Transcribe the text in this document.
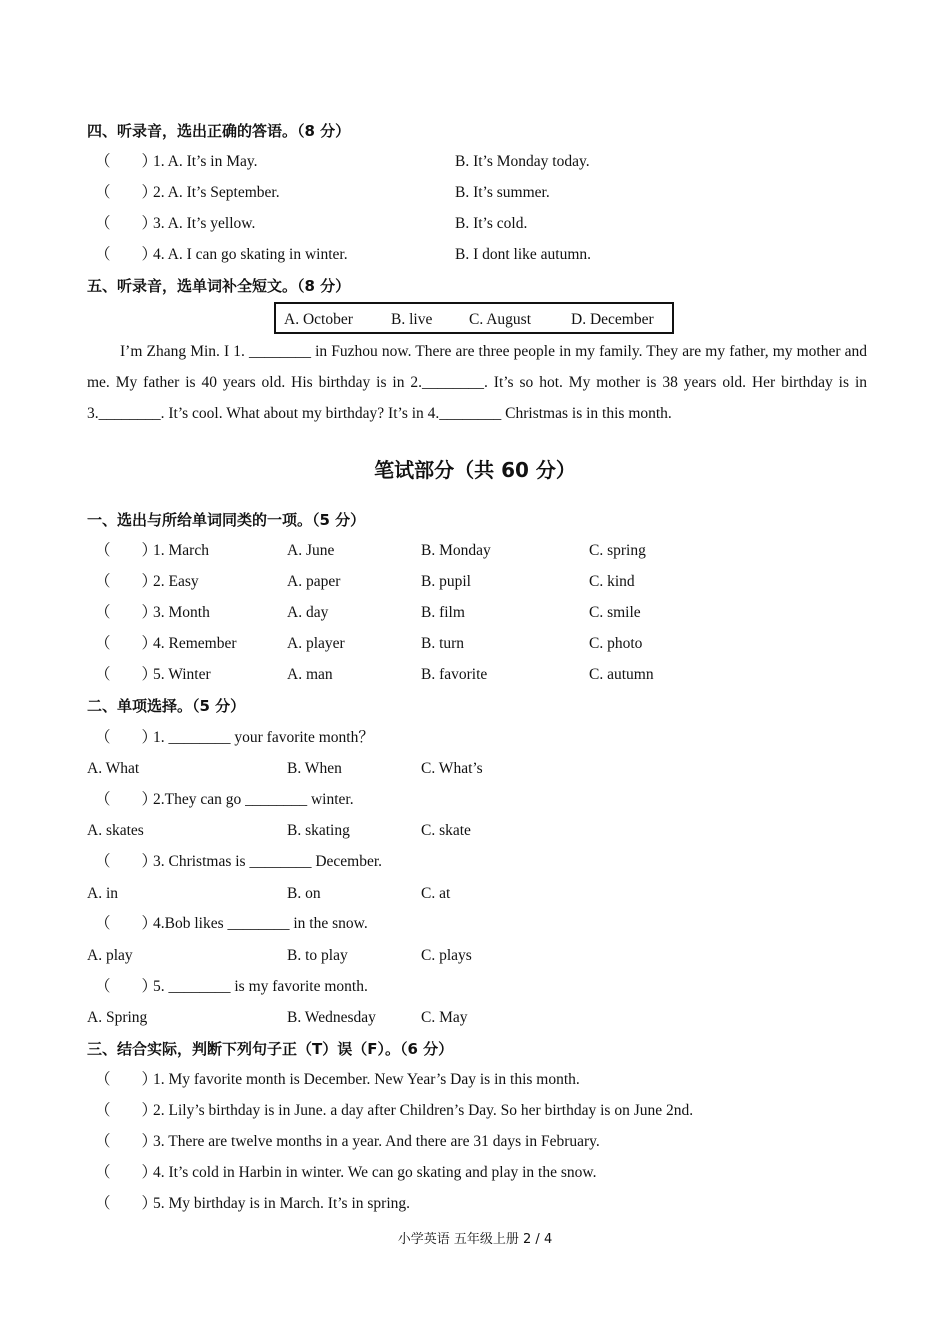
四、听录音，选出正确的答语。（8 分）
（　　）
1. A. It’s in May.	B. It’s Monday today.
（　　）
2. A. It’s September.	B. It’s summer.
（　　）
3. A. It’s yellow.	B. It’s cold.
（　　）
4. A. I can go skating in winter.	B. I dont like autumn.
五、听录音，选单词补全短文。（8 分）
A. October B. live C. August	D. December
I’m Zhang Min. I 1. ________ in Fuzhou now. There are three people in my family. They are my father, my mother and me. My father is 40 years old. His birthday is in 2.________. It’s so hot. My mother is 38 years old. Her birthday is in 3.________. It’s cool. What about my birthday? It’s in 4.________ Christmas is in this month.
笔试部分（共 60 分）
一、选出与所给单词同类的一项。（5 分）
（　　）
1. March	A. June	B. Monday	C. spring
（　　）
2. Easy	A. paper	B. pupil	C. kind
（　　）
3. Month	A. day	B. film	C. smile
（　　）
4. Remember	A. player	B. turn	C. photo
（　　）
5. Winter	A. man	B. favorite	C. autumn
二、单项选择。（5 分）
（　　）
1. ________ your favorite month？
A. What	B. When	C. What’s
（　　）
2.They can go ________ winter.
A. skates	B. skating	C. skate
（　　）
3. Christmas is ________ December.
A. in	B. on	C. at
（　　）
4.Bob likes ________ in the snow.
A. play	B. to play	C. plays
（　　）
5. ________ is my favorite month.
A. Spring	B. Wednesday	C. May
三、结合实际，判断下列句子正（T）误（F）。（6 分）
（　　）
1. My favorite month is December. New Year’s Day is in this month.
（　　）
2. Lily’s birthday is in June. a day after Children’s Day. So her birthday is on June 2nd.
（　　）
3. There are twelve months in a year. And there are 31 days in February.
（　　）
4. It’s cold in Harbin in winter. We can go skating and play in the snow.
（　　）
5. My birthday is in March. It’s in spring.
小学英语 五年级上册 2 / 4
